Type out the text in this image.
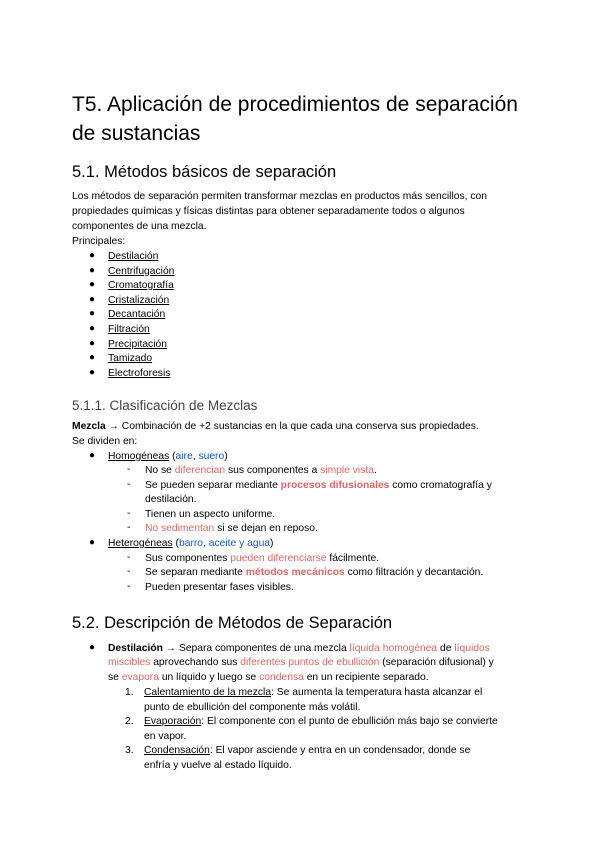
T5. Aplicación de procedimientos de separación de sustancias
5.1. Métodos básicos de separación
Los métodos de separación permiten transformar mezclas en productos más sencillos, con
propiedades químicas y físicas distintas para obtener separadamente todos o algunos
componentes de una mezcla.
Principales:
● Destilación
● Centrifugación
● Cromatografía
● Cristalización
● Decantación
● Filtración
● Precipitación
● Tamizado
● Electroforesis
5.1.1. Clasificación de Mezclas
Mezcla → Combinación de +2 sustancias en la que cada una conserva sus propiedades.
Se dividen en:
● Homogéneas (aire, suero)
- No se diferencian sus componentes a simple vista.
- Se pueden separar mediante procesos difusionales como cromatografía y
destilación.
- Tienen un aspecto uniforme.
- No sedimentan si se dejan en reposo.
● Heterogéneas (barro, aceite y agua)
- Sus componentes pueden diferenciarse fácilmente.
- Se separan mediante métodos mecánicos como filtración y decantación.
- Pueden presentar fases visibles.
5.2. Descripción de Métodos de Separación
● Destilación → Separa componentes de una mezcla líquida homogénea de líquidos
miscibles aprovechando sus diferentes puntos de ebullición (separación difusional) y
se evapora un líquido y luego se condensa en un recipiente separado.
1. Calentamiento de la mezcla: Se aumenta la temperatura hasta alcanzar el
punto de ebullición del componente más volátil.
2. Evaporación: El componente con el punto de ebullición más bajo se convierte
en vapor.
3. Condensación: El vapor asciende y entra en un condensador, donde se
enfría y vuelve al estado líquido.
